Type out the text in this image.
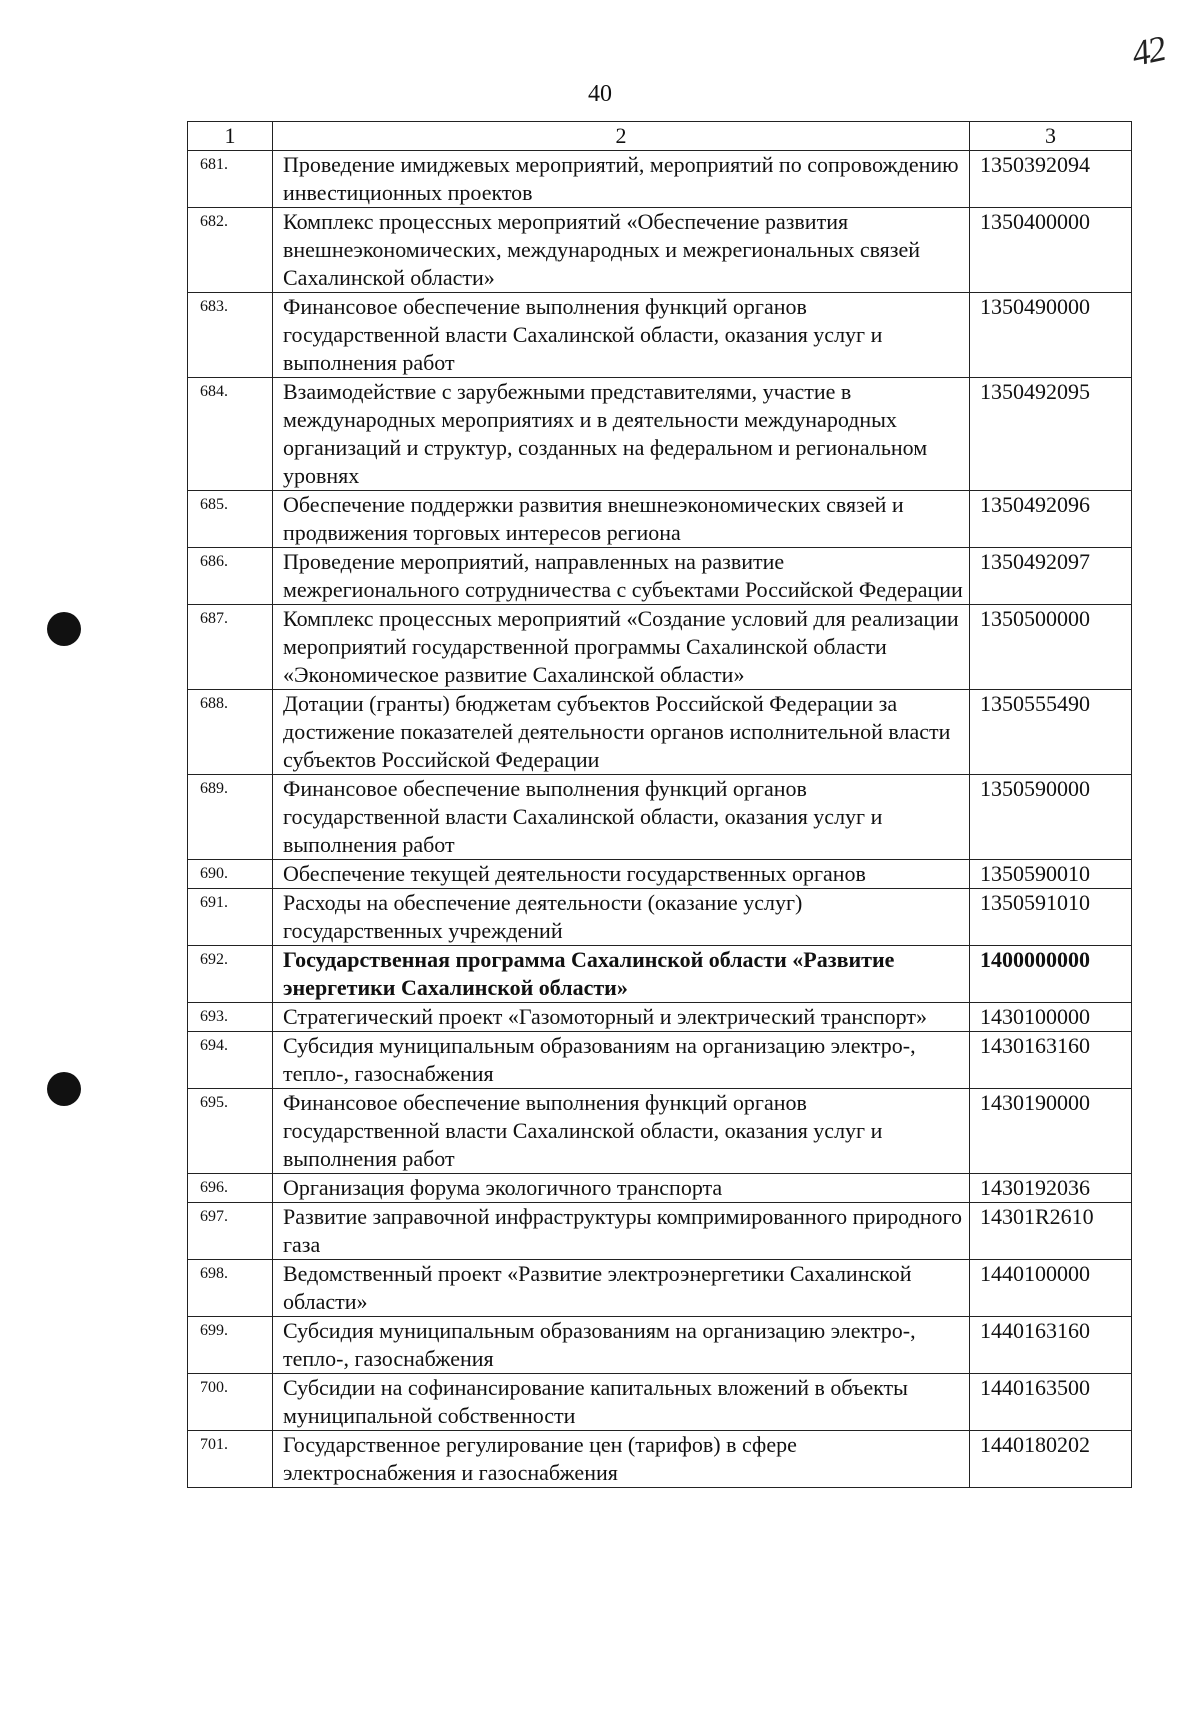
42
40
1	2	3
681.	Проведение имиджевых мероприятий, мероприятий по сопровождению инвестиционных проектов	1350392094
682.	Комплекс процессных мероприятий «Обеспечение развития внешнеэкономических, международных и межрегиональных связей Сахалинской области»	1350400000
683.	Финансовое обеспечение выполнения функций органов государственной власти Сахалинской области, оказания услуг и выполнения работ	1350490000
684.	Взаимодействие с зарубежными представителями, участие в международных мероприятиях и в деятельности международных организаций и структур, созданных на федеральном и региональном уровнях	1350492095
685.	Обеспечение поддержки развития внешнеэкономических связей и продвижения торговых интересов региона	1350492096
686.	Проведение мероприятий, направленных на развитие межрегионального сотрудничества с субъектами Российской Федерации	1350492097
687.	Комплекс процессных мероприятий «Создание условий для реализации мероприятий государственной программы Сахалинской области «Экономическое развитие Сахалинской области»	1350500000
688.	Дотации (гранты) бюджетам субъектов Российской Федерации за достижение показателей деятельности органов исполнительной власти субъектов Российской Федерации	1350555490
689.	Финансовое обеспечение выполнения функций органов государственной власти Сахалинской области, оказания услуг и выполнения работ	1350590000
690.	Обеспечение текущей деятельности государственных органов	1350590010
691.	Расходы на обеспечение деятельности (оказание услуг) государственных учреждений	1350591010
692.	Государственная программа Сахалинской области «Развитие энергетики Сахалинской области»	1400000000
693.	Стратегический проект «Газомоторный и электрический транспорт»	1430100000
694.	Субсидия муниципальным образованиям на организацию электро-, тепло-, газоснабжения	1430163160
695.	Финансовое обеспечение выполнения функций органов государственной власти Сахалинской области, оказания услуг и выполнения работ	1430190000
696.	Организация форума экологичного транспорта	1430192036
697.	Развитие заправочной инфраструктуры компримированного природного газа	14301R2610
698.	Ведомственный проект «Развитие электроэнергетики Сахалинской области»	1440100000
699.	Субсидия муниципальным образованиям на организацию электро-, тепло-, газоснабжения	1440163160
700.	Субсидии на софинансирование капитальных вложений в объекты муниципальной собственности	1440163500
701.	Государственное регулирование цен (тарифов) в сфере электроснабжения и газоснабжения	1440180202
